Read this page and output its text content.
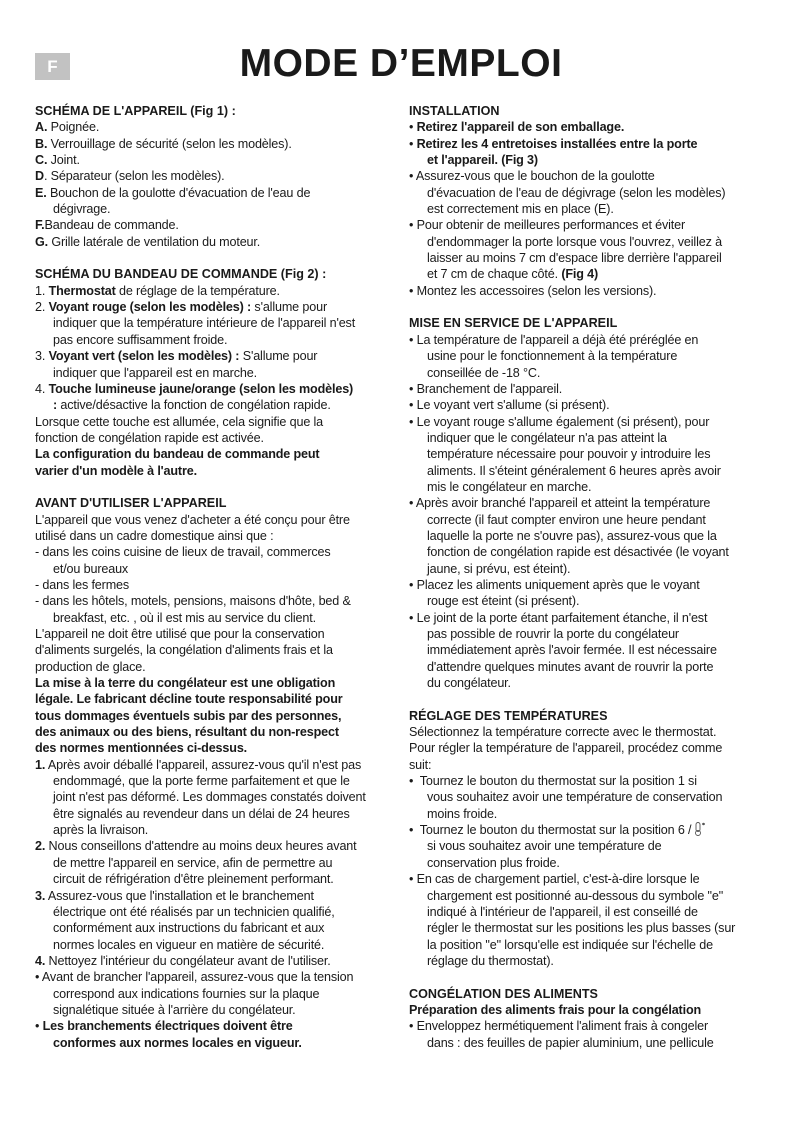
F	MODE D’EMPLOI
SCHÉMA DE L'APPAREIL (Fig 1) :
A. Poignée.
B. Verrouillage de sécurité (selon les modèles).
C. Joint.
D. Séparateur (selon les modèles).
E. Bouchon de la goulotte d'évacuation de l'eau de
dégivrage.
F.Bandeau de commande.
G. Grille latérale de ventilation du moteur.
SCHÉMA DU BANDEAU DE COMMANDE (Fig 2) :
1. Thermostat de réglage de la température.
2. Voyant rouge (selon les modèles) : s'allume pour
indiquer que la température intérieure de l'appareil n'est
pas encore suffisamment froide.
3. Voyant vert (selon les modèles) : S'allume pour
indiquer que l'appareil est en marche.
4. Touche lumineuse jaune/orange (selon les modèles)
: active/désactive la fonction de congélation rapide.
Lorsque cette touche est allumée, cela signifie que la
fonction de congélation rapide est activée.
La configuration du bandeau de commande peut
varier d'un modèle à l'autre.
AVANT D'UTILISER L'APPAREIL
L'appareil que vous venez d'acheter a été conçu pour être
utilisé dans un cadre domestique ainsi que :
- dans les coins cuisine de lieux de travail, commerces
et/ou bureaux
- dans les fermes
- dans les hôtels, motels, pensions, maisons d'hôte, bed &
breakfast, etc. , où il est mis au service du client.
L'appareil ne doit être utilisé que pour la conservation
d'aliments surgelés, la congélation d'aliments frais et la
production de glace.
La mise à la terre du congélateur est une obligation
légale. Le fabricant décline toute responsabilité pour
tous dommages éventuels subis par des personnes,
des animaux ou des biens, résultant du non-respect
des normes mentionnées ci-dessus.
1. Après avoir déballé l'appareil, assurez-vous qu'il n'est pas
endommagé, que la porte ferme parfaitement et que le
joint n'est pas déformé. Les dommages constatés doivent
être signalés au revendeur dans un délai de 24 heures
après la livraison.
2. Nous conseillons d'attendre au moins deux heures avant
de mettre l'appareil en service, afin de permettre au
circuit de réfrigération d'être pleinement performant.
3. Assurez-vous que l'installation et le branchement
électrique ont été réalisés par un technicien qualifié,
conformément aux instructions du fabricant et aux
normes locales en vigueur en matière de sécurité.
4. Nettoyez l'intérieur du congélateur avant de l'utiliser.
• Avant de brancher l'appareil, assurez-vous que la tension
correspond aux indications fournies sur la plaque
signalétique située à l'arrière du congélateur.
• Les branchements électriques doivent être
conformes aux normes locales en vigueur.
INSTALLATION
• Retirez l'appareil de son emballage.
• Retirez les 4 entretoises installées entre la porte
et l'appareil. (Fig 3)
• Assurez-vous que le bouchon de la goulotte
d'évacuation de l'eau de dégivrage (selon les modèles)
est correctement mis en place (E).
• Pour obtenir de meilleures performances et éviter
d'endommager la porte lorsque vous l'ouvrez, veillez à
laisser au moins 7 cm d'espace libre derrière l'appareil
et 7 cm de chaque côté. (Fig 4)
• Montez les accessoires (selon les versions).
MISE EN SERVICE DE L'APPAREIL
• La température de l'appareil a déjà été préréglée en
usine pour le fonctionnement à la température
conseillée de -18 °C.
• Branchement de l'appareil.
• Le voyant vert s'allume (si présent).
• Le voyant rouge s'allume également (si présent), pour
indiquer que le congélateur n'a pas atteint la
température nécessaire pour pouvoir y introduire les
aliments. Il s'éteint généralement 6 heures après avoir
mis le congélateur en marche.
• Après avoir branché l'appareil et atteint la température
correcte (il faut compter environ une heure pendant
laquelle la porte ne s'ouvre pas), assurez-vous que la
fonction de congélation rapide est désactivée (le voyant
jaune, si prévu, est éteint).
• Placez les aliments uniquement après que le voyant
rouge est éteint (si présent).
• Le joint de la porte étant parfaitement étanche, il n'est
pas possible de rouvrir la porte du congélateur
immédiatement après l'avoir fermée. Il est nécessaire
d'attendre quelques minutes avant de rouvrir la porte
du congélateur.
RÉGLAGE DES TEMPÉRATURES
Sélectionnez la température correcte avec le thermostat.
Pour régler la température de l'appareil, procédez comme
suit:
•  Tournez le bouton du thermostat sur la position 1 si
vous souhaitez avoir une température de conservation
moins froide.
•  Tournez le bouton du thermostat sur la position 6 /
si vous souhaitez avoir une température de
conservation plus froide.
• En cas de chargement partiel, c'est-à-dire lorsque le
chargement est positionné au-dessous du symbole "e"
indiqué à l'intérieur de l'appareil, il est conseillé de
régler le thermostat sur les positions les plus basses (sur
la position "e" lorsqu'elle est indiquée sur l'échelle de
réglage du thermostat).
CONGÉLATION DES ALIMENTS
Préparation des aliments frais pour la congélation
• Enveloppez hermétiquement l'aliment frais à congeler
dans : des feuilles de papier aluminium, une pellicule
